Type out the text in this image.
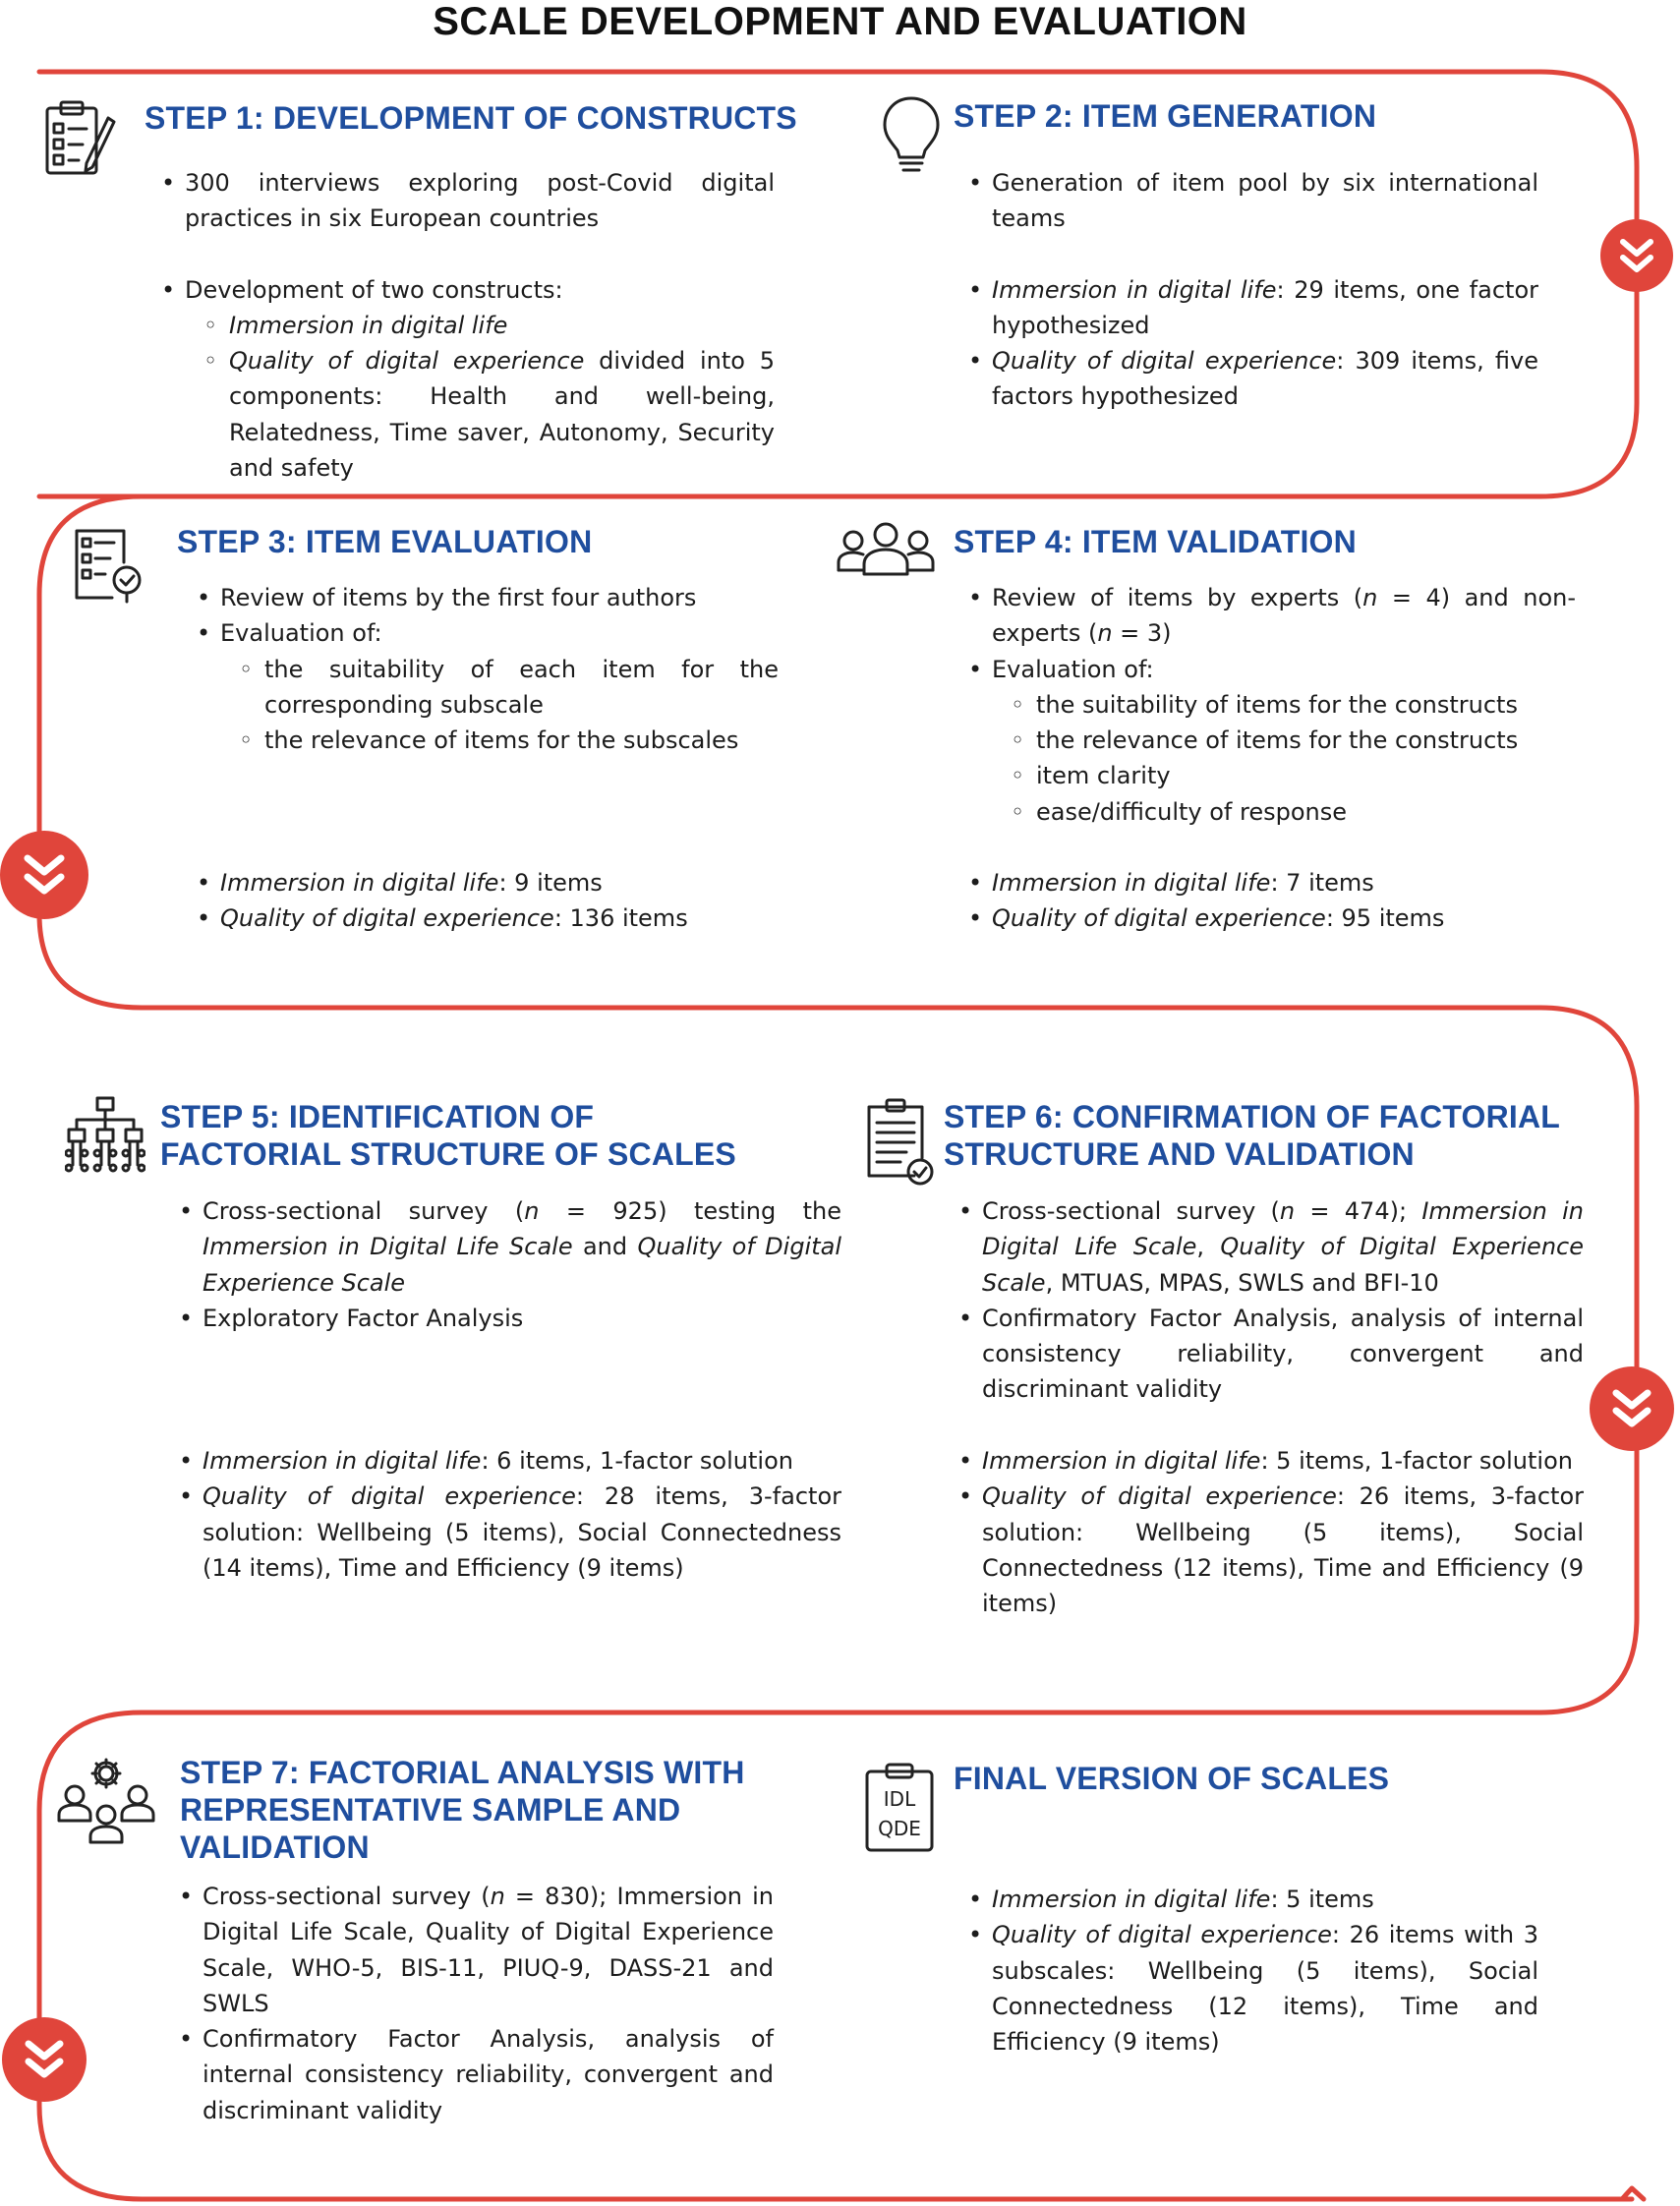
SCALE DEVELOPMENT AND EVALUATION
STEP 1: DEVELOPMENT OF CONSTRUCTS
• 300 interviews exploring post-Covid digital practices in six European countries
• Development of two constructs:
◦ Immersion in digital life
◦ Quality of digital experience divided into 5 components: Health and well-being, Relatedness, Time saver, Autonomy, Security and safety
STEP 2: ITEM GENERATION
• Generation of item pool by six international teams
• Immersion in digital life: 29 items, one factor hypothesized
• Quality of digital experience: 309 items, five factors hypothesized
STEP 3: ITEM EVALUATION
• Review of items by the first four authors
• Evaluation of:
◦ the suitability of each item for the corresponding subscale
◦ the relevance of items for the subscales
• Immersion in digital life: 9 items
• Quality of digital experience: 136 items
STEP 4: ITEM VALIDATION
• Review of items by experts (n = 4) and non-experts (n = 3)
• Evaluation of:
◦ the suitability of items for the constructs
◦ the relevance of items for the constructs
◦ item clarity
◦ ease/difficulty of response
• Immersion in digital life: 7 items
• Quality of digital experience: 95 items
STEP 5: IDENTIFICATION OF
FACTORIAL STRUCTURE OF SCALES
• Cross-sectional survey (n = 925) testing the Immersion in Digital Life Scale and Quality of Digital Experience Scale
• Exploratory Factor Analysis
• Immersion in digital life: 6 items, 1-factor solution
• Quality of digital experience: 28 items, 3-factor solution: Wellbeing (5 items), Social Connectedness (14 items), Time and Efficiency (9 items)
STEP 6: CONFIRMATION OF FACTORIAL
STRUCTURE AND VALIDATION
• Cross-sectional survey (n = 474); Immersion in Digital Life Scale, Quality of Digital Experience Scale, MTUAS, MPAS, SWLS and BFI-10
• Confirmatory Factor Analysis, analysis of internal consistency reliability, convergent and discriminant validity
• Immersion in digital life: 5 items, 1-factor solution
• Quality of digital experience: 26 items, 3-factor solution: Wellbeing (5 items), Social Connectedness (12 items), Time and Efficiency (9 items)
STEP 7: FACTORIAL ANALYSIS WITH
REPRESENTATIVE SAMPLE AND
VALIDATION
• Cross-sectional survey (n = 830); Immersion in Digital Life Scale, Quality of Digital Experience Scale, WHO-5, BIS-11, PIUQ-9, DASS-21 and SWLS
• Confirmatory Factor Analysis, analysis of internal consistency reliability, convergent and discriminant validity
IDL
QDE
FINAL VERSION OF SCALES
• Immersion in digital life: 5 items
• Quality of digital experience: 26 items with 3 subscales: Wellbeing (5 items), Social Connectedness (12 items), Time and Efficiency (9 items)
